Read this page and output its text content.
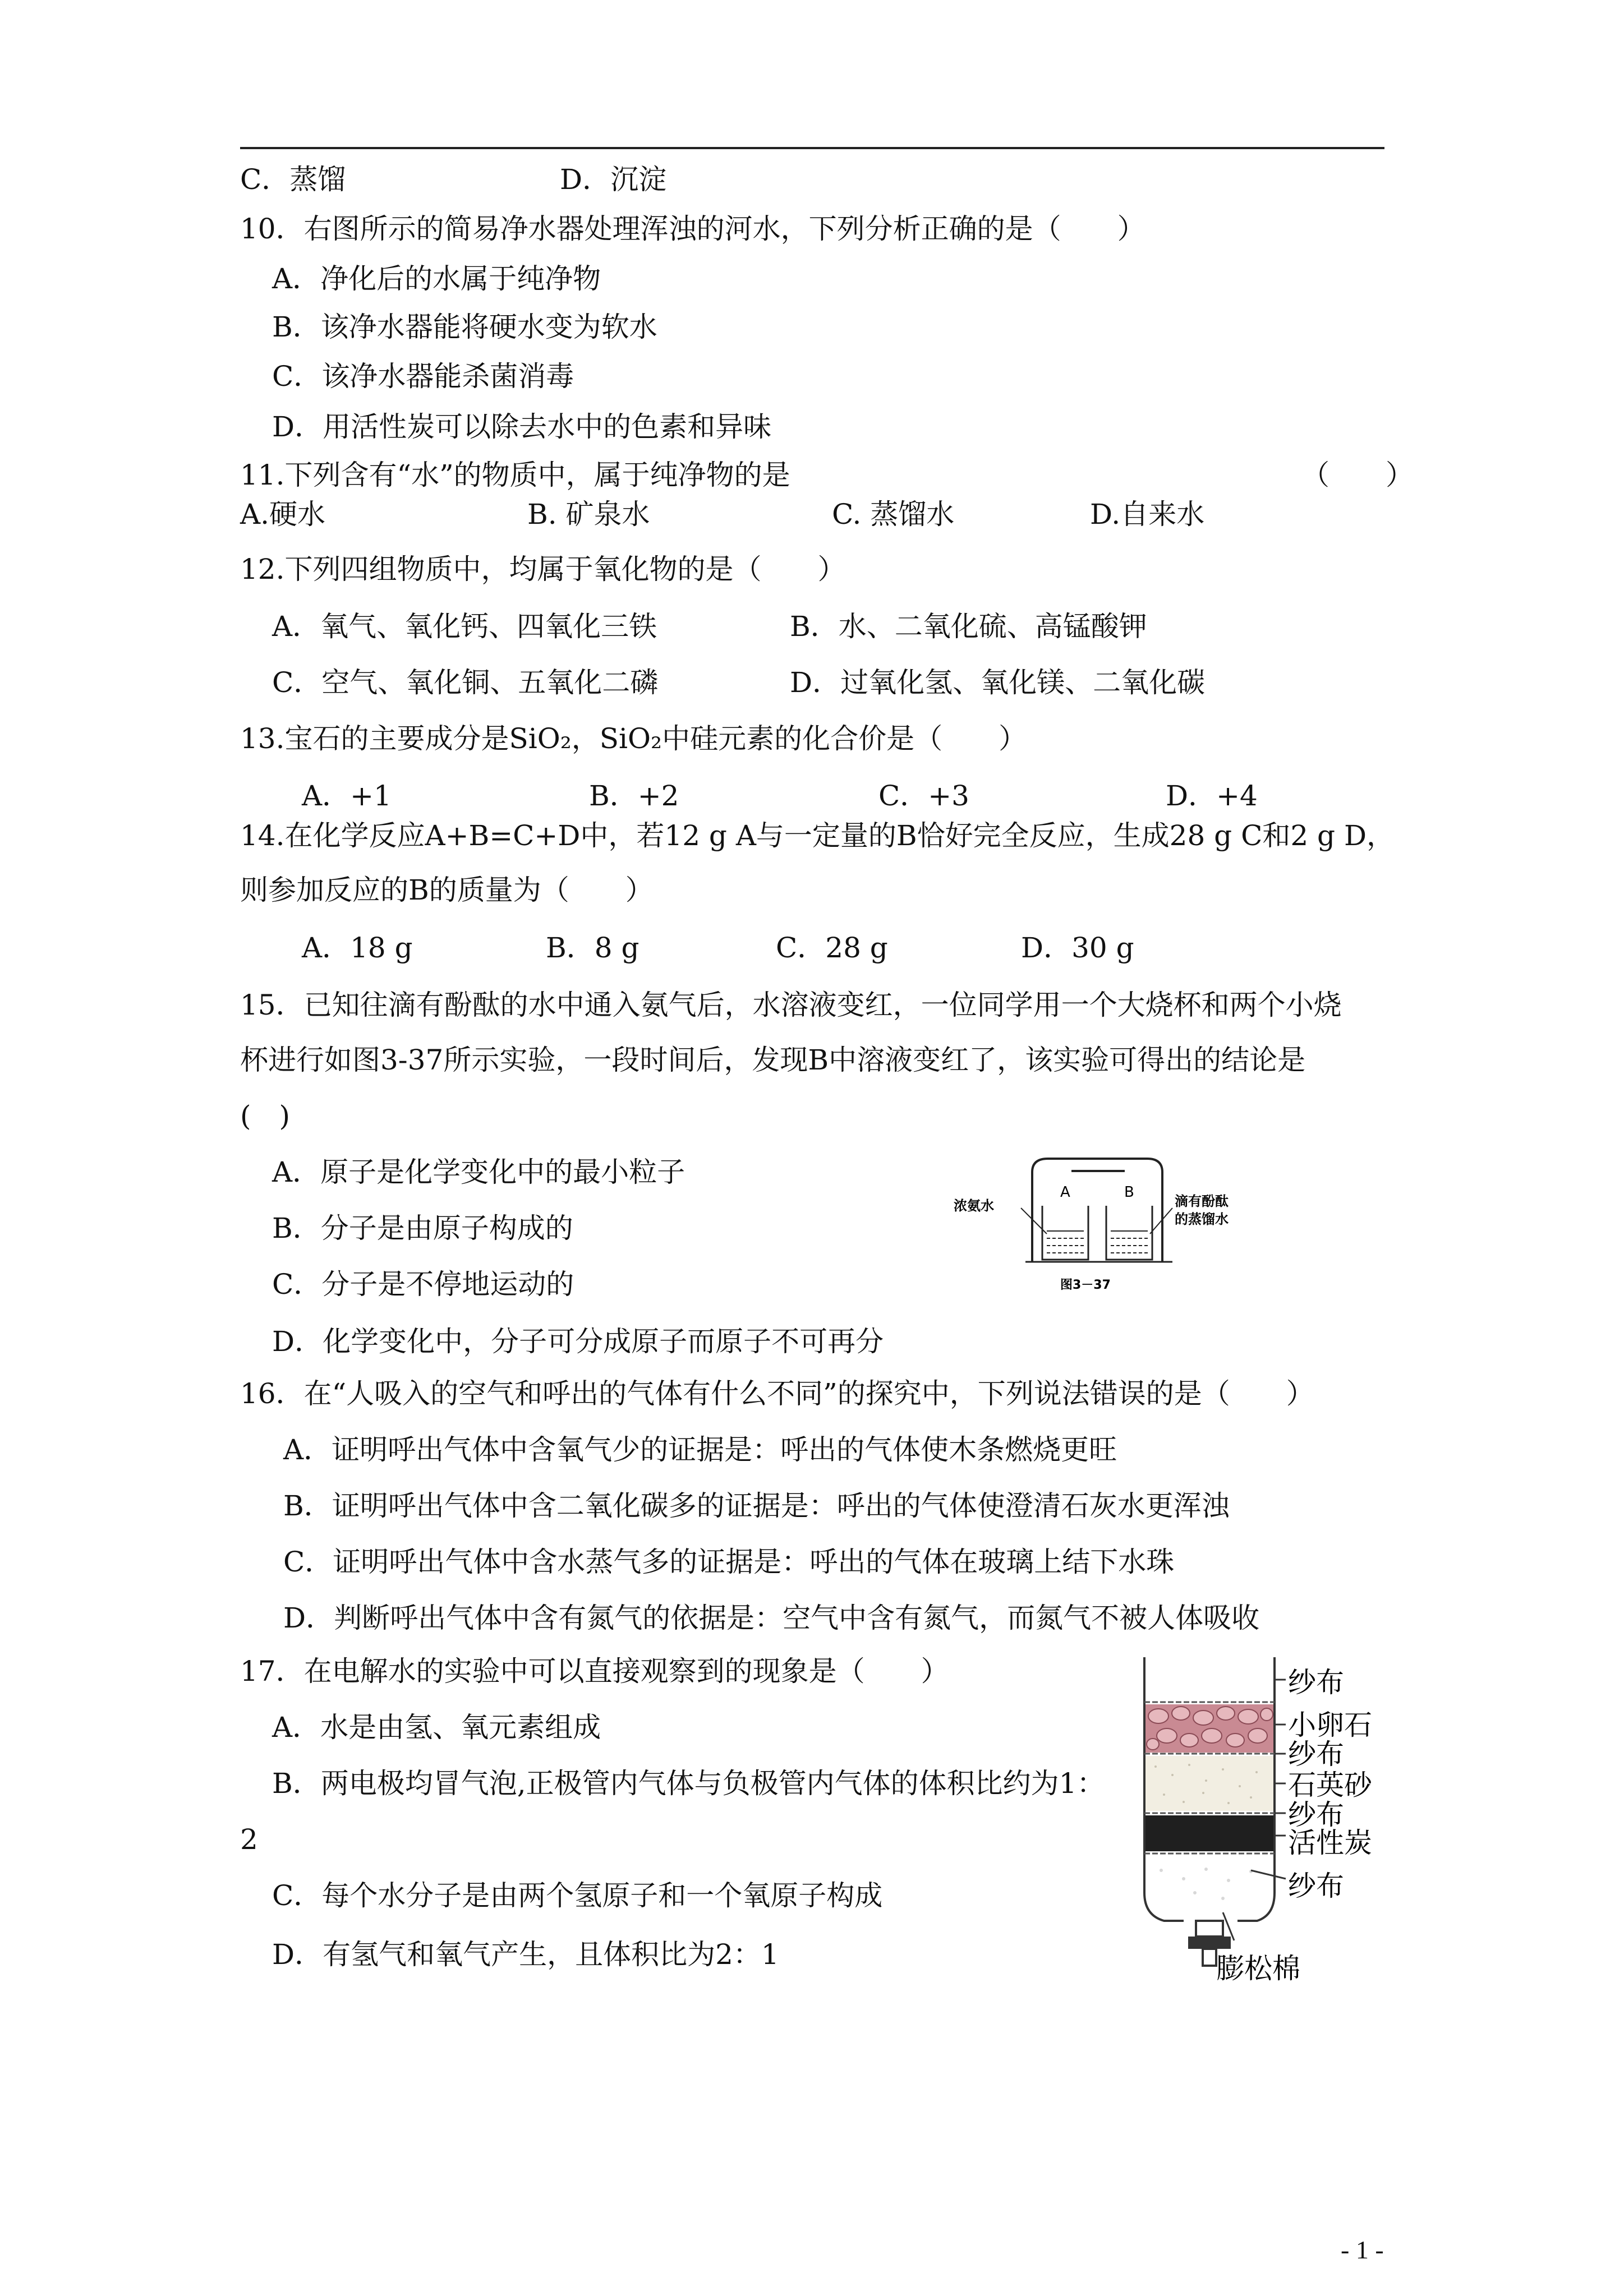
C．蒸馏	D．沉淀
10．右图所示的简易净水器处理浑浊的河水，下列分析正确的是（　　）
A．净化后的水属于纯净物
B．该净水器能将硬水变为软水
C．该净水器能杀菌消毒
D．用活性炭可以除去水中的色素和异味
11.下列含有“水”的物质中，属于纯净物的是	（　　）
A.硬水	B. 矿泉水	C. 蒸馏水	D.自来水
12.下列四组物质中，均属于氧化物的是（　　）
A．氧气、氧化钙、四氧化三铁	B．水、二氧化硫、高锰酸钾
C．空气、氧化铜、五氧化二磷	D．过氧化氢、氧化镁、二氧化碳
13.宝石的主要成分是SiO₂，SiO₂中硅元素的化合价是（　　）
A．+1	B．+2	C．+3	D．+4
14.在化学反应A+B=C+D中，若12 g A与一定量的B恰好完全反应，生成28 g C和2 g D，
则参加反应的B的质量为（　　）
A．18 g	B．8 g	C．28 g	D．30 g
15．已知往滴有酚酞的水中通入氨气后，水溶液变红，一位同学用一个大烧杯和两个小烧
杯进行如图3-37所示实验，一段时间后，发现B中溶液变红了，该实验可得出的结论是
(　)
A．原子是化学变化中的最小粒子
B．分子是由原子构成的
C．分子是不停地运动的
D．化学变化中，分子可分成原子而原子不可再分
A	B
浓氨水	滴有酚酞
的蒸馏水
图3－37
16．在“人吸入的空气和呼出的气体有什么不同”的探究中，下列说法错误的是（　　）
A．证明呼出气体中含氧气少的证据是：呼出的气体使木条燃烧更旺
B．证明呼出气体中含二氧化碳多的证据是：呼出的气体使澄清石灰水更浑浊
C．证明呼出气体中含水蒸气多的证据是：呼出的气体在玻璃上结下水珠
D．判断呼出气体中含有氮气的依据是：空气中含有氮气，而氮气不被人体吸收
17．在电解水的实验中可以直接观察到的现象是（　　）
A．水是由氢、氧元素组成
B．两电极均冒气泡,正极管内气体与负极管内气体的体积比约为1：
2
C．每个水分子是由两个氢原子和一个氧原子构成
D．有氢气和氧气产生，且体积比为2：1
纱布
小卵石
纱布
石英砂
纱布
活性炭
纱布
膨松棉
- 1 -
